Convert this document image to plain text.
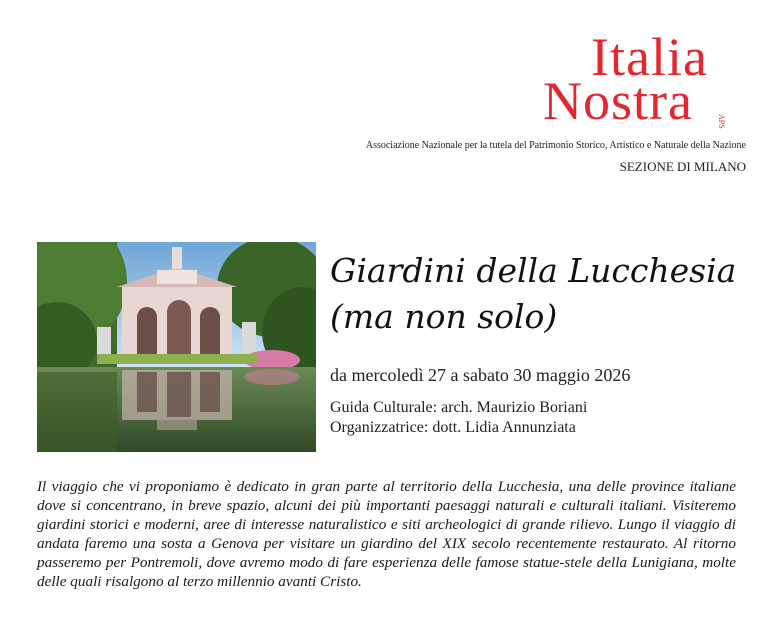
Italia
Nostra	APS
Associazione Nazionale per la tutela del Patrimonio Storico, Artistico e Naturale della Nazione
SEZIONE DI MILANO
Giardini della Lucchesia
(ma non solo)
da mercoledì 27 a sabato 30 maggio 2026
Guida Culturale: arch. Maurizio Boriani
Organizzatrice: dott. Lidia Annunziata
Il viaggio che vi proponiamo è dedicato in gran parte al territorio della Lucchesia, una delle province italiane dove si concentrano, in breve spazio, alcuni dei più importanti paesaggi naturali e culturali italiani. Visiteremo giardini storici e moderni, aree di interesse naturalistico e siti archeologici di grande rilievo. Lungo il viaggio di andata faremo una sosta a Genova per visitare un giardino del XIX secolo recentemente restaurato. Al ritorno passeremo per Pontremoli, dove avremo modo di fare esperienza delle famose statue-stele della Lunigiana, molte delle quali risalgono al terzo millennio avanti Cristo.
